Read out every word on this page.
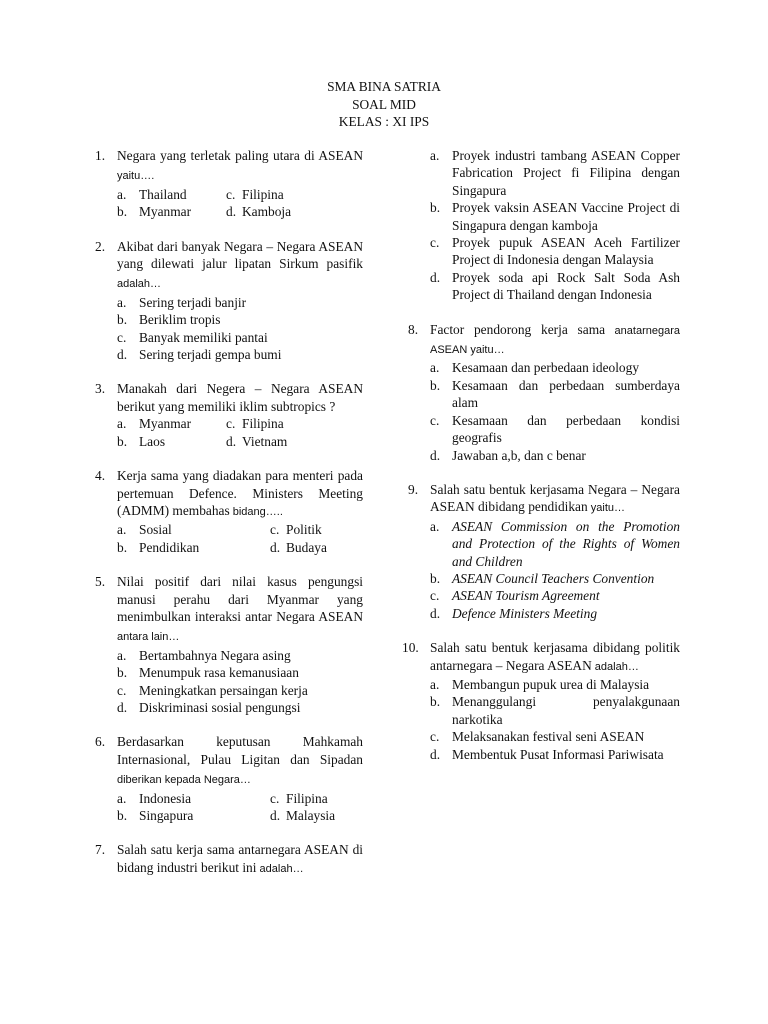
SMA BINA SATRIA
SOAL MID
KELAS : XI IPS
1. Negara yang terletak paling utara di ASEAN yaitu….
a. Thailand	c. Filipina
b. Myanmar	d. Kamboja
2. Akibat dari banyak Negara – Negara ASEAN yang dilewati jalur lipatan Sirkum pasifik adalah…
a. Sering terjadi banjir
b. Beriklim tropis
c. Banyak memiliki pantai
d. Sering terjadi gempa bumi
3. Manakah dari Negera – Negara ASEAN berikut yang memiliki iklim subtropics ?
a. Myanmar	c. Filipina
b. Laos	d. Vietnam
4. Kerja sama yang diadakan para menteri pada pertemuan Defence. Ministers Meeting (ADMM) membahas bidang…..
a. Sosial	c. Politik
b. Pendidikan	d. Budaya
5. Nilai positif dari nilai kasus pengungsi manusi perahu dari Myanmar yang menimbulkan interaksi antar Negara ASEAN antara lain…
a. Bertambahnya Negara asing
b. Menumpuk rasa kemanusiaan
c. Meningkatkan persaingan kerja
d. Diskriminasi sosial pengungsi
6. Berdasarkan keputusan Mahkamah Internasional, Pulau Ligitan dan Sipadan diberikan kepada Negara…
a. Indonesia	c. Filipina
b. Singapura	d. Malaysia
7. Salah satu kerja sama antarnegara ASEAN di bidang industri berikut ini adalah…
a. Proyek industri tambang ASEAN Copper Fabrication Project fi Filipina dengan Singapura
b. Proyek vaksin ASEAN Vaccine Project di Singapura dengan kamboja
c. Proyek pupuk ASEAN Aceh Fartilizer Project di Indonesia dengan Malaysia
d. Proyek soda api Rock Salt Soda Ash Project di Thailand dengan Indonesia
8. Factor pendorong kerja sama anatarnegara ASEAN yaitu…
a. Kesamaan dan perbedaan ideology
b. Kesamaan dan perbedaan sumberdaya alam
c. Kesamaan dan perbedaan kondisi geografis
d. Jawaban a,b, dan c benar
9. Salah satu bentuk kerjasama Negara – Negara ASEAN dibidang pendidikan yaitu…
a. ASEAN Commission on the Promotion and Protection of the Rights of Women and Children
b. ASEAN Council Teachers Convention
c. ASEAN Tourism Agreement
d. Defence Ministers Meeting
10. Salah satu bentuk kerjasama dibidang politik antarnegara – Negara ASEAN adalah…
a. Membangun pupuk urea di Malaysia
b. Menanggulangi penyalakgunaan narkotika
c. Melaksanakan festival seni ASEAN
d. Membentuk Pusat Informasi Pariwisata
